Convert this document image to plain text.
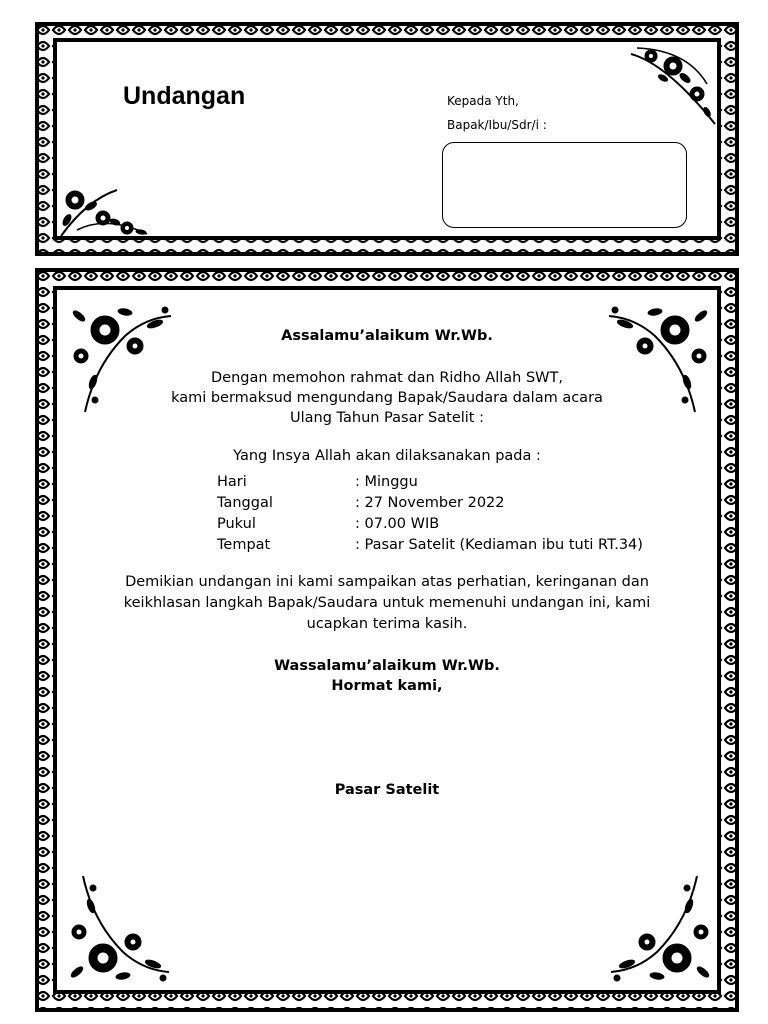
Undangan	Kepada Yth,
Bapak/Ibu/Sdr/i :
Assalamu’alaikum Wr.Wb.
Dengan memohon rahmat dan Ridho Allah SWT,
kami bermaksud mengundang Bapak/Saudara dalam acara
Ulang Tahun Pasar Satelit :
Yang Insya Allah akan dilaksanakan pada :
Hari	: Minggu
Tanggal	: 27 November 2022
Pukul	: 07.00 WIB
Tempat	: Pasar Satelit (Kediaman ibu tuti RT.34)
Demikian undangan ini kami sampaikan atas perhatian, keringanan dan
keikhlasan langkah Bapak/Saudara untuk memenuhi undangan ini, kami
ucapkan terima kasih.
Wassalamu’alaikum Wr.Wb.
Hormat kami,
Pasar Satelit
